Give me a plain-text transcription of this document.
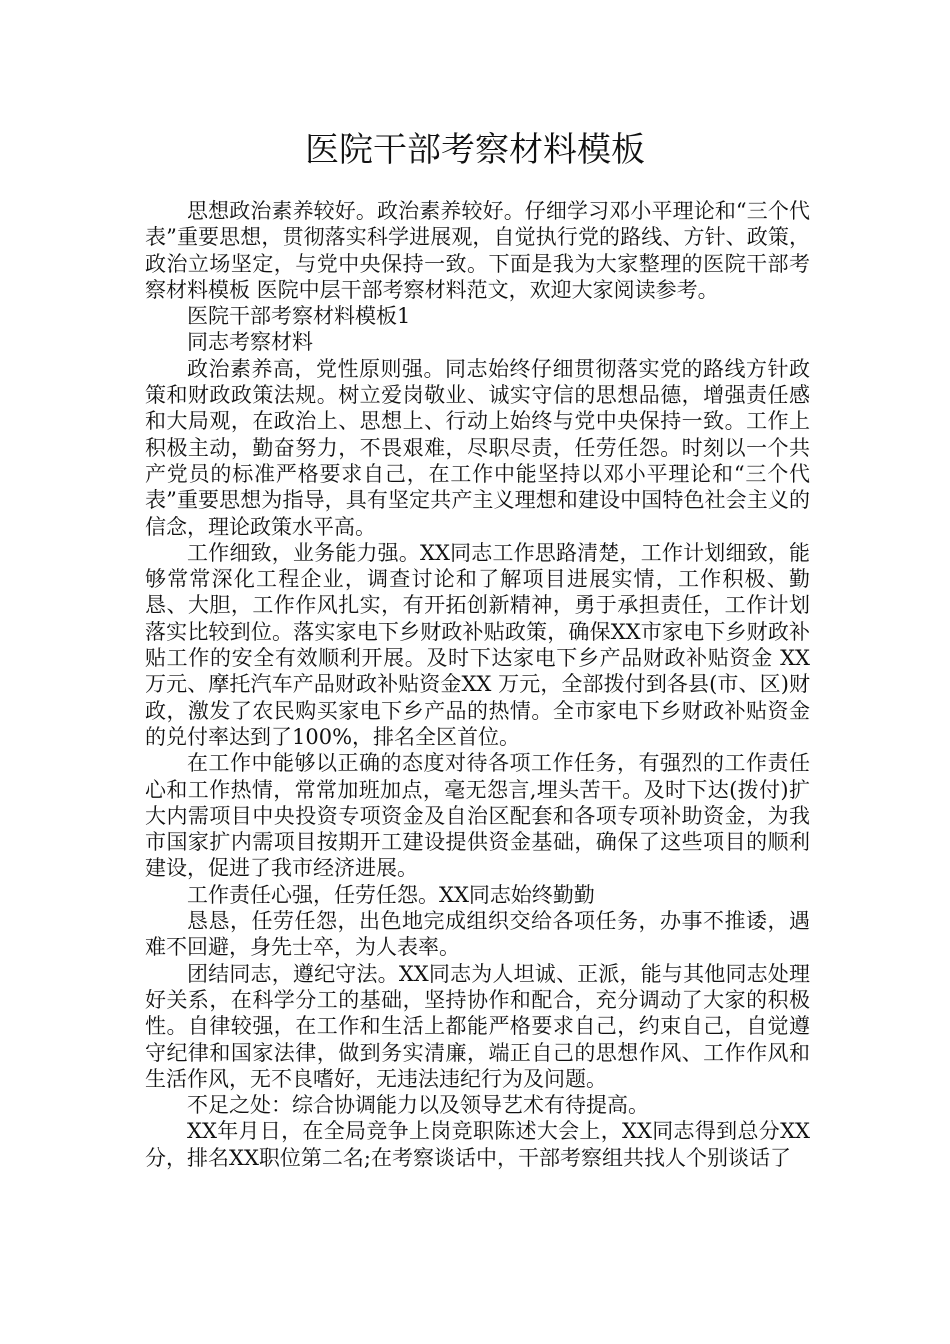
医院干部考察材料模板

思想政治素养较好。政治素养较好。仔细学习邓小平理论和“三个代表”重要思想，贯彻落实科学进展观，自觉执行党的路线、方针、政策，政治立场坚定，与党中央保持一致。下面是我为大家整理的医院干部考察材料模板 医院中层干部考察材料范文，欢迎大家阅读参考。

医院干部考察材料模板1

同志考察材料

政治素养高，党性原则强。同志始终仔细贯彻落实党的路线方针政策和财政政策法规。树立爱岗敬业、诚实守信的思想品德，增强责任感和大局观，在政治上、思想上、行动上始终与党中央保持一致。工作上积极主动，勤奋努力，不畏艰难，尽职尽责，任劳任怨。时刻以一个共产党员的标准严格要求自己，在工作中能坚持以邓小平理论和“三个代表”重要思想为指导，具有坚定共产主义理想和建设中国特色社会主义的信念，理论政策水平高。

工作细致，业务能力强。XX同志工作思路清楚，工作计划细致，能够常常深化工程企业，调查讨论和了解项目进展实情，工作积极、勤恳、大胆，工作作风扎实，有开拓创新精神，勇于承担责任，工作计划落实比较到位。落实家电下乡财政补贴政策，确保XX市家电下乡财政补贴工作的安全有效顺利开展。及时下达家电下乡产品财政补贴资金 XX 万元、摩托汽车产品财政补贴资金XX 万元，全部拨付到各县(市、区)财政，激发了农民购买家电下乡产品的热情。全市家电下乡财政补贴资金的兑付率达到了100%，排名全区首位。

在工作中能够以正确的态度对待各项工作任务，有强烈的工作责任心和工作热情，常常加班加点，毫无怨言,埋头苦干。及时下达(拨付)扩大内需项目中央投资专项资金及自治区配套和各项专项补助资金，为我市国家扩内需项目按期开工建设提供资金基础，确保了这些项目的顺利建设，促进了我市经济进展。

工作责任心强，任劳任怨。XX同志始终勤勤

恳恳，任劳任怨，出色地完成组织交给各项任务，办事不推诿，遇难不回避，身先士卒，为人表率。

团结同志，遵纪守法。XX同志为人坦诚、正派，能与其他同志处理好关系，在科学分工的基础，坚持协作和配合，充分调动了大家的积极性。自律较强，在工作和生活上都能严格要求自己，约束自己，自觉遵守纪律和国家法律，做到务实清廉，端正自己的思想作风、工作作风和生活作风，无不良嗜好，无违法违纪行为及问题。

不足之处：综合协调能力以及领导艺术有待提高。

XX年月日，在全局竞争上岗竞职陈述大会上，XX同志得到总分XX分，排名XX职位第二名;在考察谈话中，干部考察组共找人个别谈话了
